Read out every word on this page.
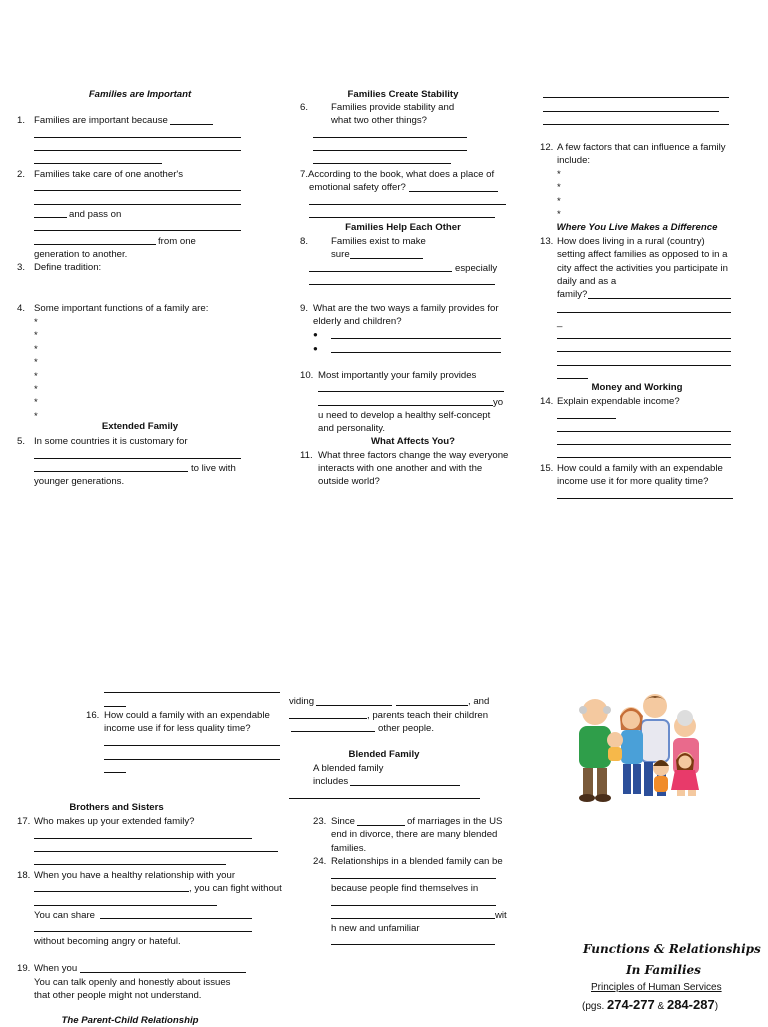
Families are Important
1. Families are important because
2. Families take care of one another's
and pass on
from one
generation to another.
3. Define tradition:
4. Some important functions of a family are:
*
*
*
*
*
*
*
*
Extended Family
5. In some countries it is customary for
to live with
younger generations.
Families Create Stability
6. Families provide stability and
what two other things?
7.According to the book, what does a place of
emotional safety offer?
Families Help Each Other
8. Families exist to make
sure
especially
9. What are the two ways a family provides for
elderly and children?
●
●
10. Most importantly your family provides
yo
u need to develop a healthy self-concept
and personality.
What Affects You?
11. What three factors change the way everyone
interacts with one another and with the
outside world?
12. A few factors that can influence a family
include:
*
*
*
*
Where You Live Makes a Difference
13. How does living in a rural (country)
setting affect families as opposed to in a
city affect the activities you participate in
daily and as a
family?
_
Money and Working
14. Explain expendable income?
15. How could a family with an expendable
income use it for more quality time?
16. How could a family with an expendable
income use if for less quality time?
Brothers and Sisters
17. Who makes up your extended family?
18. When you have a healthy relationship with your
, you can fight without
You can share
without becoming angry or hateful.
19. When you
You can talk openly and honestly about issues
that other people might not understand.
The Parent-Child Relationship
viding	, and
, parents teach their children
other people.
Blended Family
A blended family
includes
23. Since	of marriages in the US
end in divorce, there are many blended
families.
24. Relationships in a blended family can be
because people find themselves in
wit
h new and unfamiliar
Functions & Relationships
In Families
Principles of Human Services
(pgs. 274-277 & 284-287)
